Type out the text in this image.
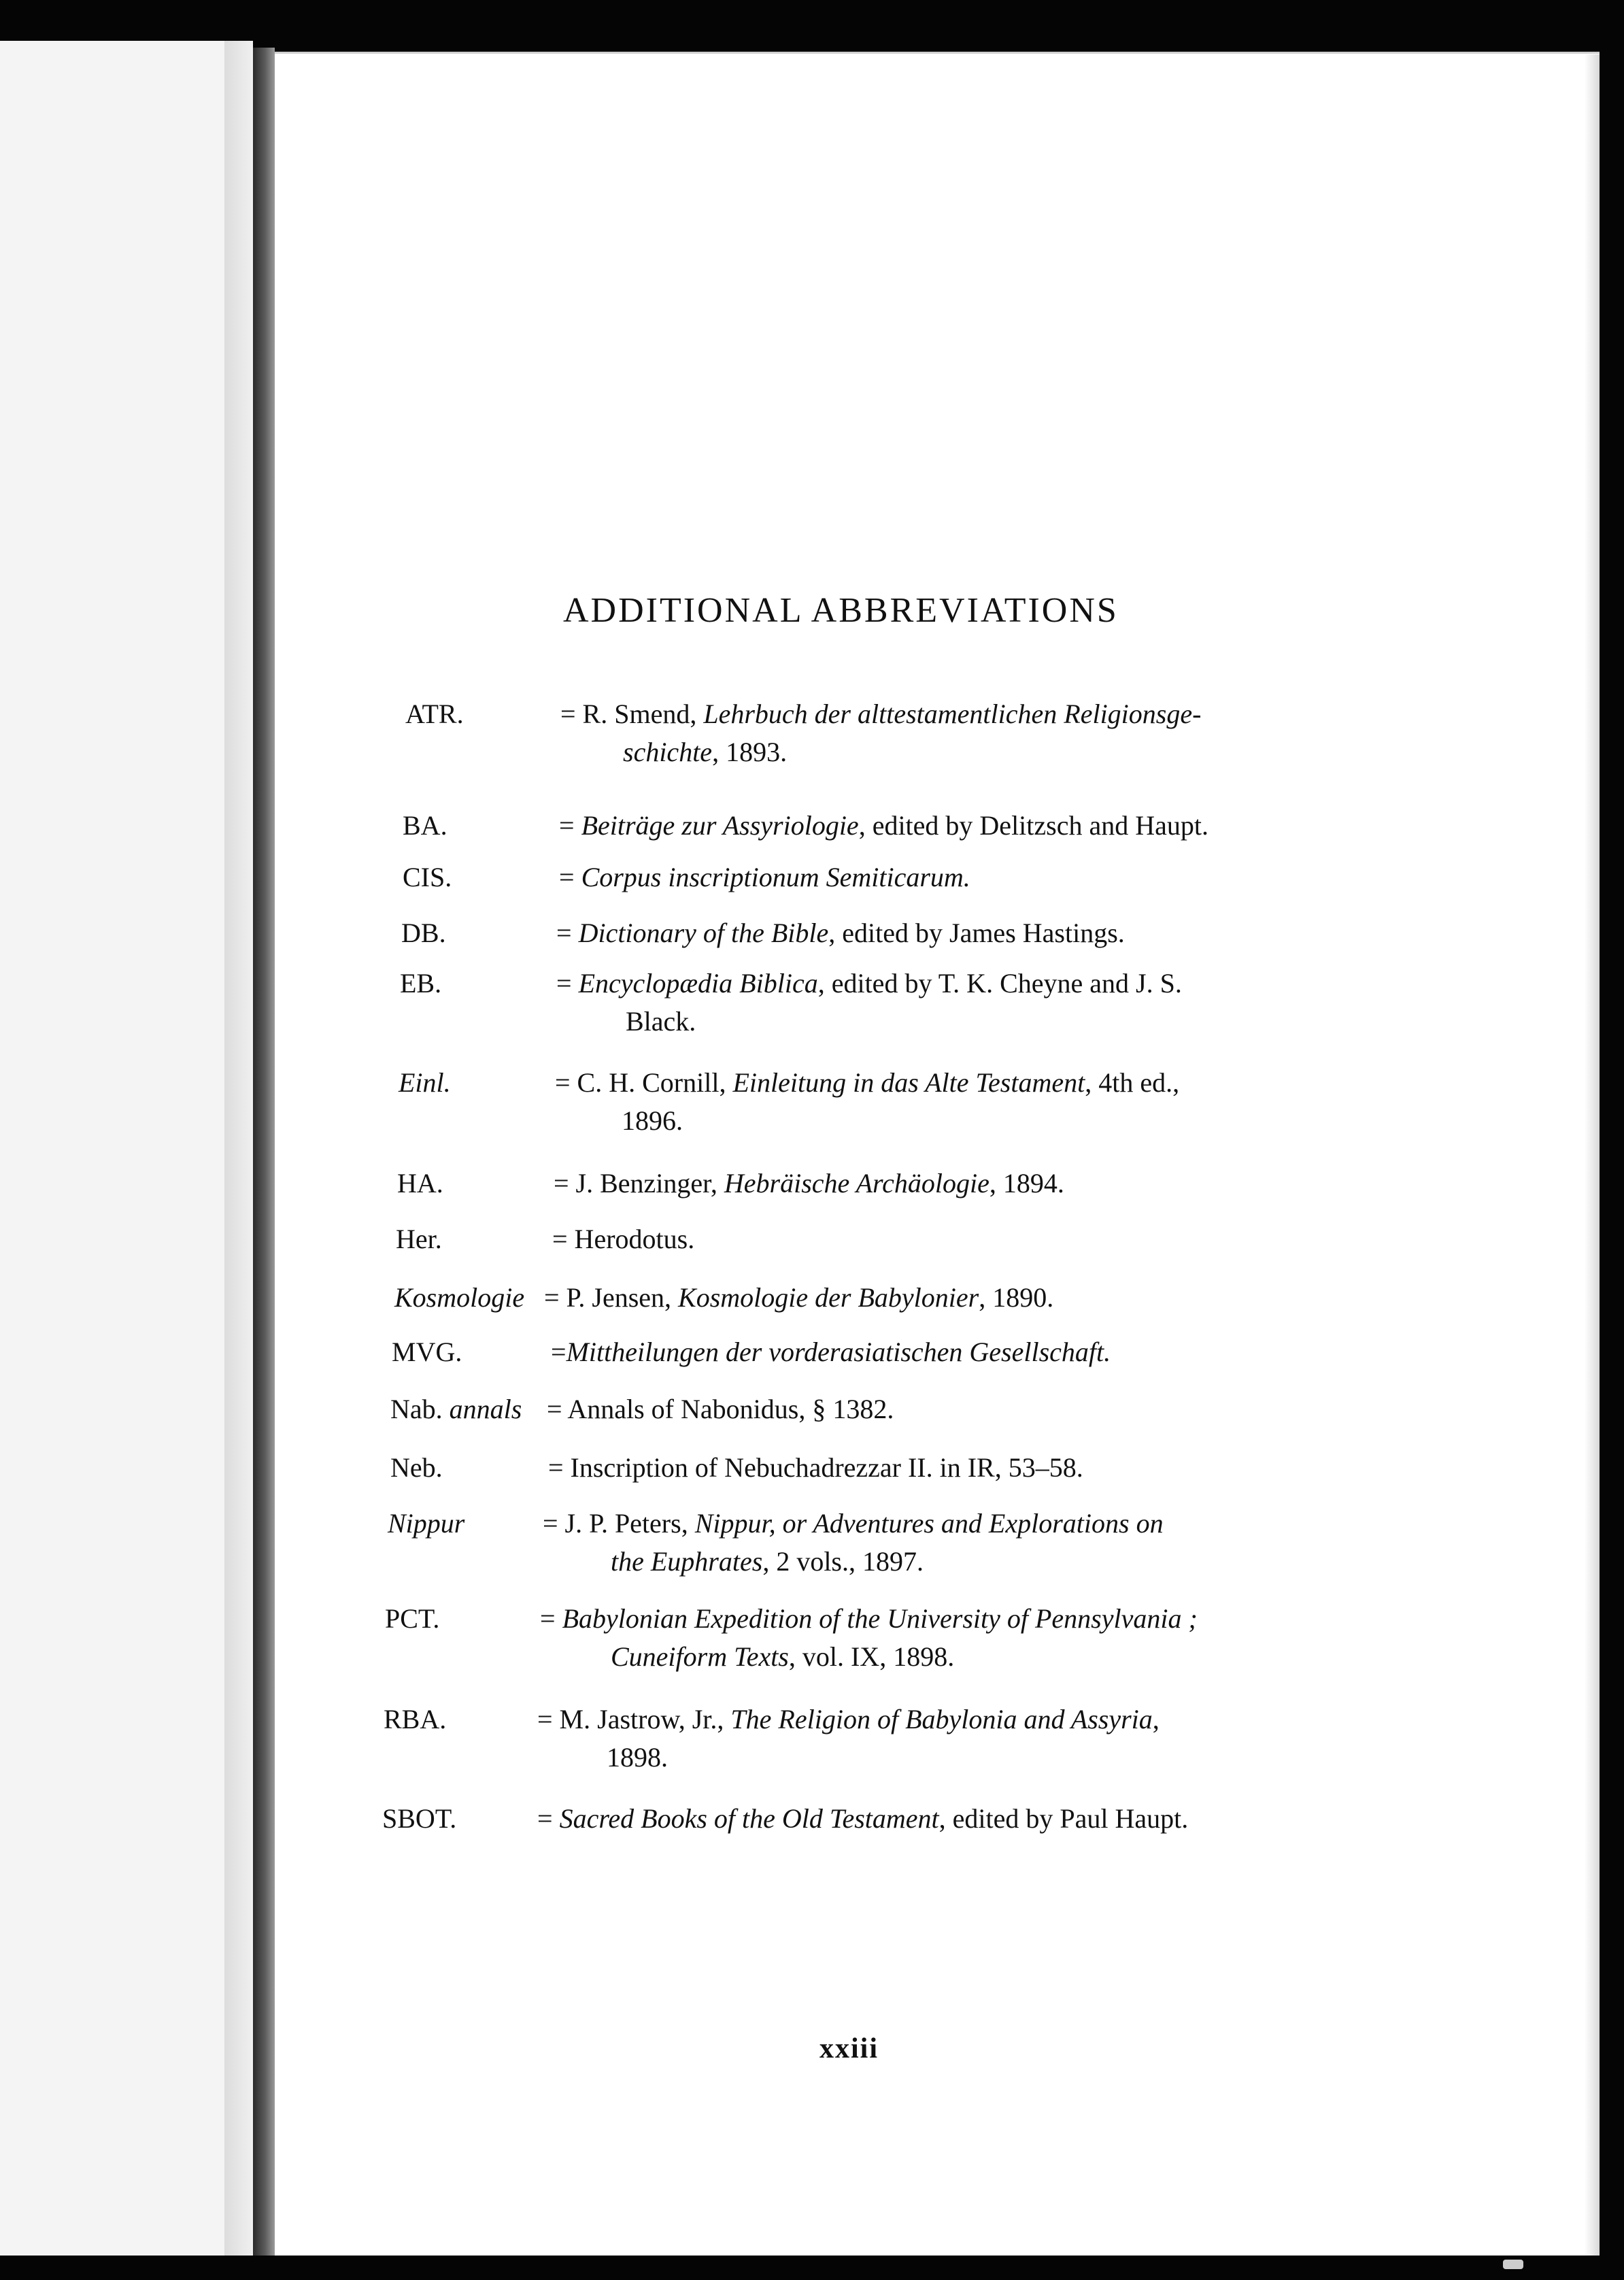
ADDITIONAL ABBREVIATIONS
ATR.	= R. Smend, Lehrbuch der alttestamentlichen Religionsge-
schichte, 1893.
BA.	= Beiträge zur Assyriologie, edited by Delitzsch and Haupt.
CIS.	= Corpus inscriptionum Semiticarum.
DB.	= Dictionary of the Bible, edited by James Hastings.
EB.	= Encyclopædia Biblica, edited by T. K. Cheyne and J. S.
Black.
Einl.	= C. H. Cornill, Einleitung in das Alte Testament, 4th ed.,
1896.
HA.	= J. Benzinger, Hebräische Archäologie, 1894.
Her.	= Herodotus.
Kosmologie = P. Jensen, Kosmologie der Babylonier, 1890.
MVG.	=Mittheilungen der vorderasiatischen Gesellschaft.
Nab. annals = Annals of Nabonidus, § 1382.
Neb.	= Inscription of Nebuchadrezzar II. in IR, 53–58.
Nippur	= J. P. Peters, Nippur, or Adventures and Explorations on
the Euphrates, 2 vols., 1897.
PCT.	= Babylonian Expedition of the University of Pennsylvania ;
Cuneiform Texts, vol. IX, 1898.
RBA.	= M. Jastrow, Jr., The Religion of Babylonia and Assyria,
1898.
SBOT.	= Sacred Books of the Old Testament, edited by Paul Haupt.
xxiii
